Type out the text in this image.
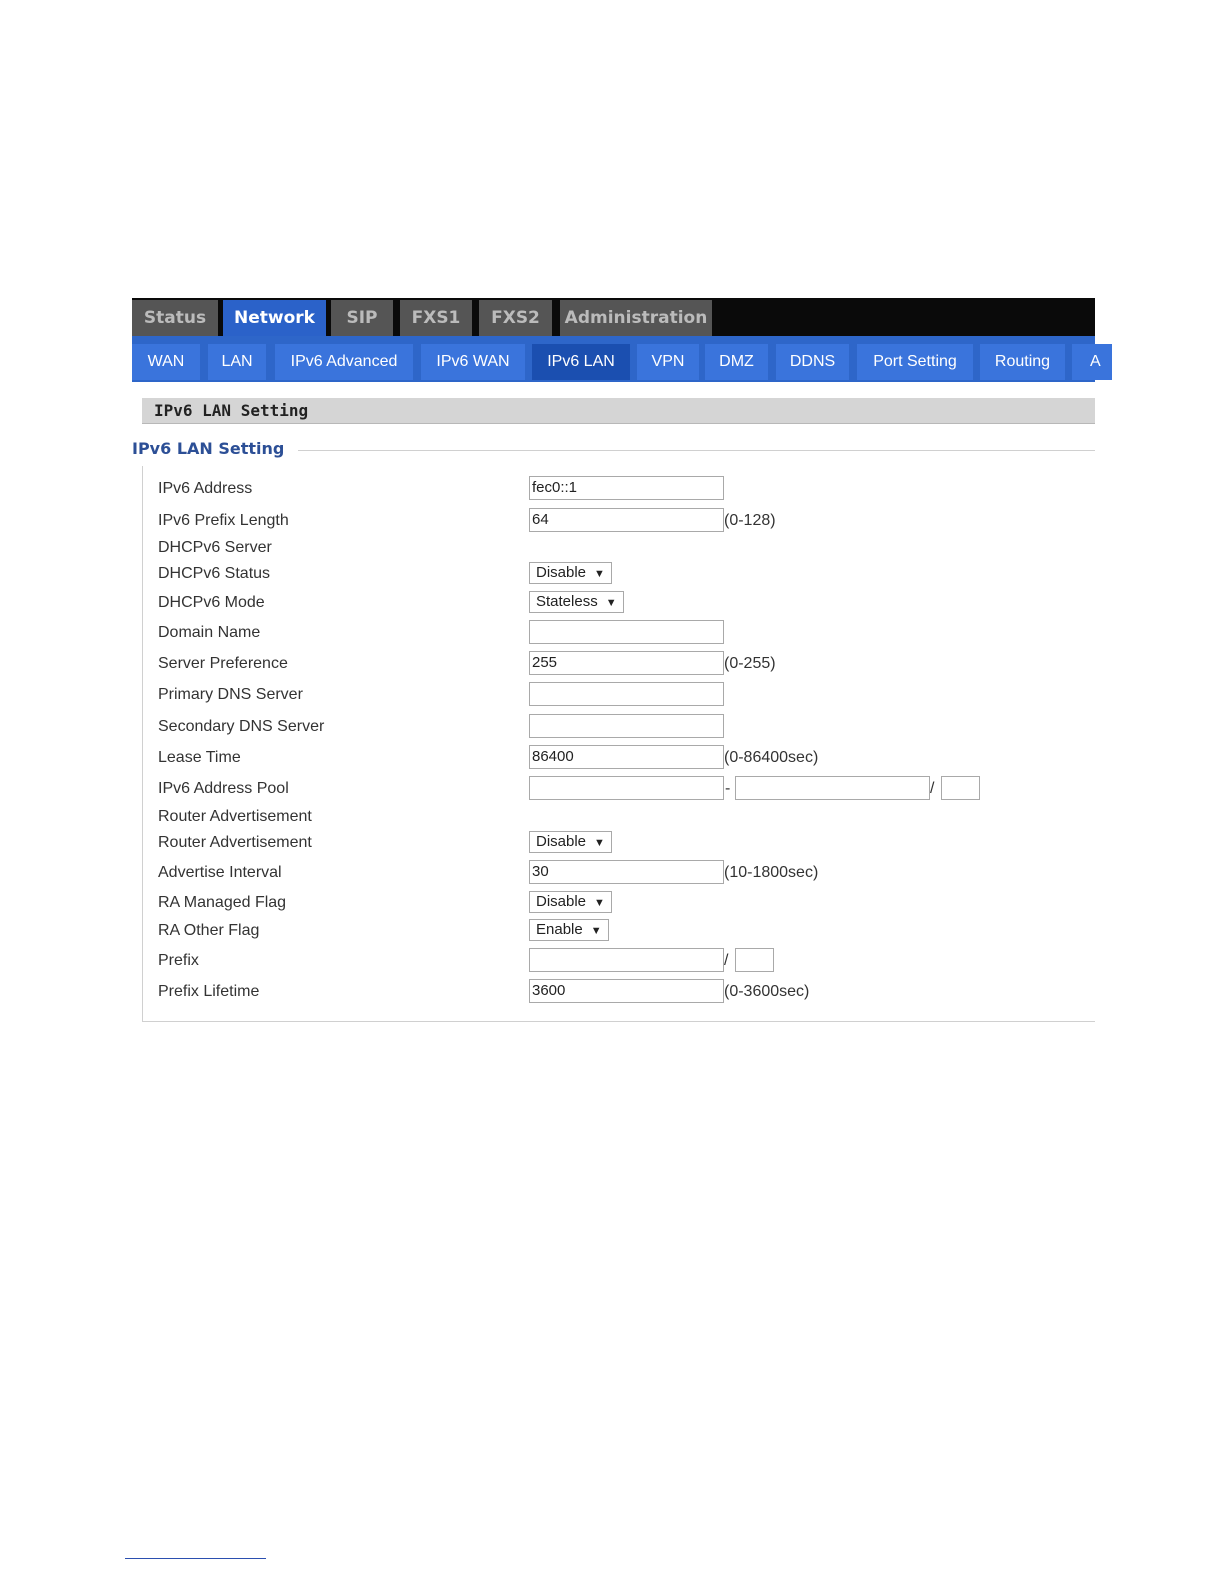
Status	Network	SIP	FXS1	FXS2	Administration
WAN	LAN	IPv6 Advanced	IPv6 WAN	IPv6 LAN	VPN	DMZ	DDNS	Port Setting	Routing	A
IPv6 LAN Setting
IPv6 LAN Setting
IPv6 Address	fec0::1
IPv6 Prefix Length	64	(0-128)
DHCPv6 Server
DHCPv6 Status	Disable ▼
DHCPv6 Mode	Stateless ▼
Domain Name
Server Preference	255	(0-255)
Primary DNS Server
Secondary DNS Server
Lease Time	86400	(0-86400sec)
IPv6 Address Pool	-	/
Router Advertisement
Router Advertisement	Disable ▼
Advertise Interval	30	(10-1800sec)
RA Managed Flag	Disable ▼
RA Other Flag	Enable ▼
Prefix	/
Prefix Lifetime	3600	(0-3600sec)
